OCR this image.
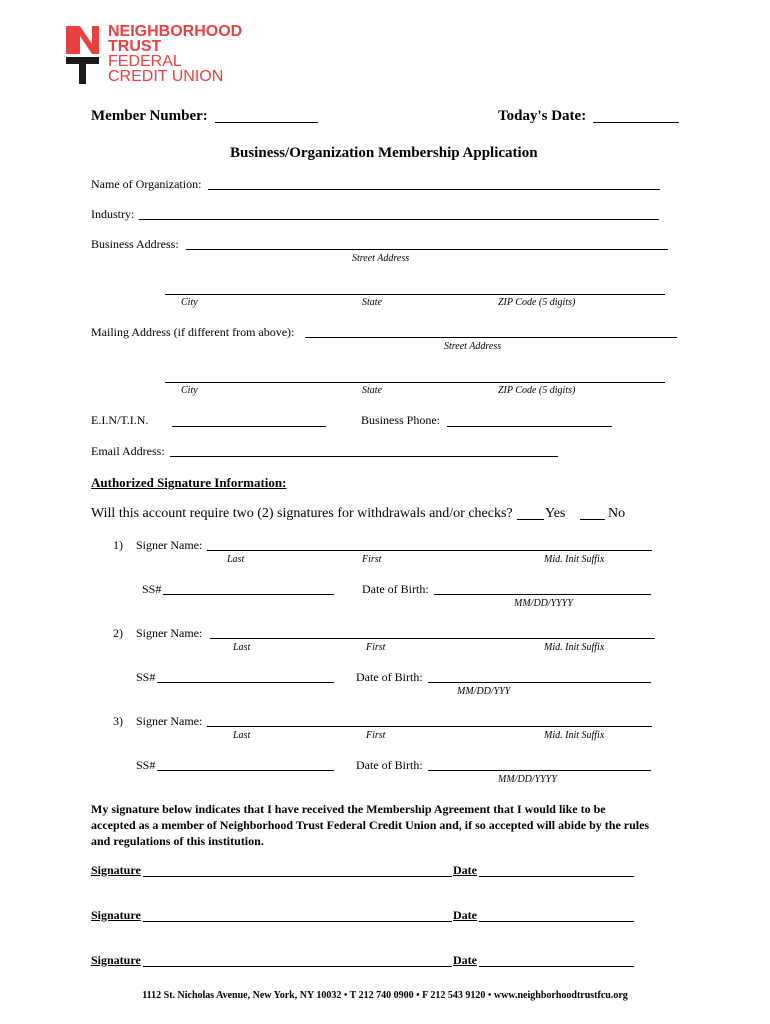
NEIGHBORHOOD
TRUST
FEDERAL
CREDIT UNION
Member Number:	Today's Date:
Business/Organization Membership Application
Name of Organization:
Industry:
Business Address:
Street Address
City	State	ZIP Code (5 digits)
Mailing Address (if different from above):
Street Address
City	State	ZIP Code (5 digits)
E.I.N/T.I.N.	Business Phone:
Email Address:
Authorized Signature Information:
Will this account require two (2) signatures for withdrawals and/or checks? Yes	No
1) Signer Name:
Last	First	Mid. Init Suffix
SS#	Date of Birth:
MM/DD/YYYY
2) Signer Name:
Last	First	Mid. Init Suffix
SS#	Date of Birth:
MM/DD/YYY
3) Signer Name:
Last	First	Mid. Init Suffix
SS#	Date of Birth:
MM/DD/YYYY
My signature below indicates that I have received the Membership Agreement that I would like to be
accepted as a member of Neighborhood Trust Federal Credit Union and, if so accepted will abide by the rules
and regulations of this institution.
Signature	Date
Signature	Date
Signature	Date
1112 St. Nicholas Avenue, New York, NY 10032 • T 212 740 0900 • F 212 543 9120 • www.neighborhoodtrustfcu.org
